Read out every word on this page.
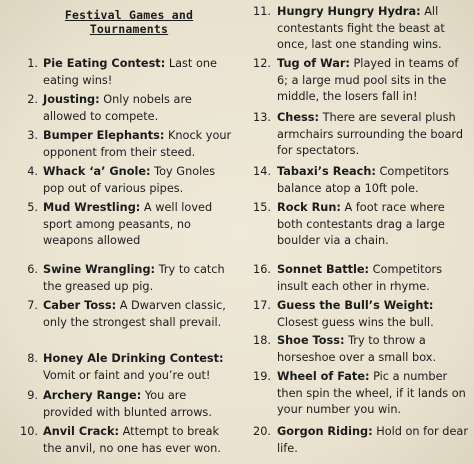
Festival Games and
Tournaments
1. Pie Eating Contest: Last one eating wins!
2. Jousting: Only nobels are allowed to compete.
3. Bumper Elephants: Knock your opponent from their steed.
4. Whack ‘a’ Gnole: Toy Gnoles pop out of various pipes.
5. Mud Wrestling: A well loved sport among peasants, no weapons allowed
6. Swine Wrangling: Try to catch the greased up pig.
7. Caber Toss: A Dwarven classic, only the strongest shall prevail.
8. Honey Ale Drinking Contest: Vomit or faint and you’re out!
9. Archery Range: You are provided with blunted arrows.
10. Anvil Crack: Attempt to break the anvil, no one has ever won.
11. Hungry Hungry Hydra: All contestants fight the beast at once, last one standing wins.
12. Tug of War: Played in teams of 6; a large mud pool sits in the middle, the losers fall in!
13. Chess: There are several plush armchairs surrounding the board for spectators.
14. Tabaxi’s Reach: Competitors balance atop a 10ft pole.
15. Rock Run: A foot race where both contestants drag a large boulder via a chain.
16. Sonnet Battle: Competitors insult each other in rhyme.
17. Guess the Bull’s Weight: Closest guess wins the bull.
18. Shoe Toss: Try to throw a horseshoe over a small box.
19. Wheel of Fate: Pic a number then spin the wheel, if it lands on your number you win.
20. Gorgon Riding: Hold on for dear life.
